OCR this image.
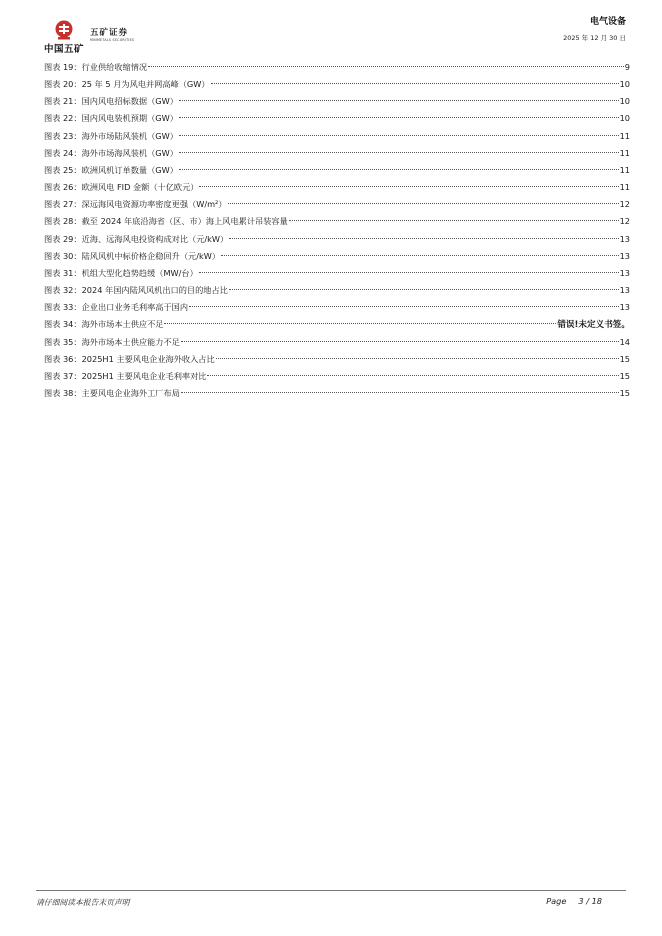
中国五矿
五矿证券
MINMETALS SECURITIES
电气设备
2025 年 12 月 30 日
图表 19： 行业供给收缩情况	9
图表 20： 25 年 5 月为风电并网高峰（GW）	10
图表 21： 国内风电招标数据（GW）	10
图表 22： 国内风电装机预期（GW）	10
图表 23： 海外市场陆风装机（GW）	11
图表 24： 海外市场海风装机（GW）	11
图表 25： 欧洲风机订单数量（GW）	11
图表 26： 欧洲风电 FID 金额（十亿欧元）	11
图表 27： 深远海风电资源功率密度更强（W/m²）	12
图表 28： 截至 2024 年底沿海省（区、市）海上风电累计吊装容量	12
图表 29： 近海、远海风电投资构成对比（元/kW）	13
图表 30： 陆风风机中标价格企稳回升（元/kW）	13
图表 31： 机组大型化趋势趋缓（MW/台）	13
图表 32： 2024 年国内陆风风机出口的目的地占比	13
图表 33： 企业出口业务毛利率高于国内	13
图表 34： 海外市场本土供应不足	错误!未定义书签。
图表 35： 海外市场本土供应能力不足	14
图表 36： 2025H1 主要风电企业海外收入占比	15
图表 37： 2025H1 主要风电企业毛利率对比	15
图表 38： 主要风电企业海外工厂布局	15
请仔细阅读本报告末页声明	Page 3 / 18
